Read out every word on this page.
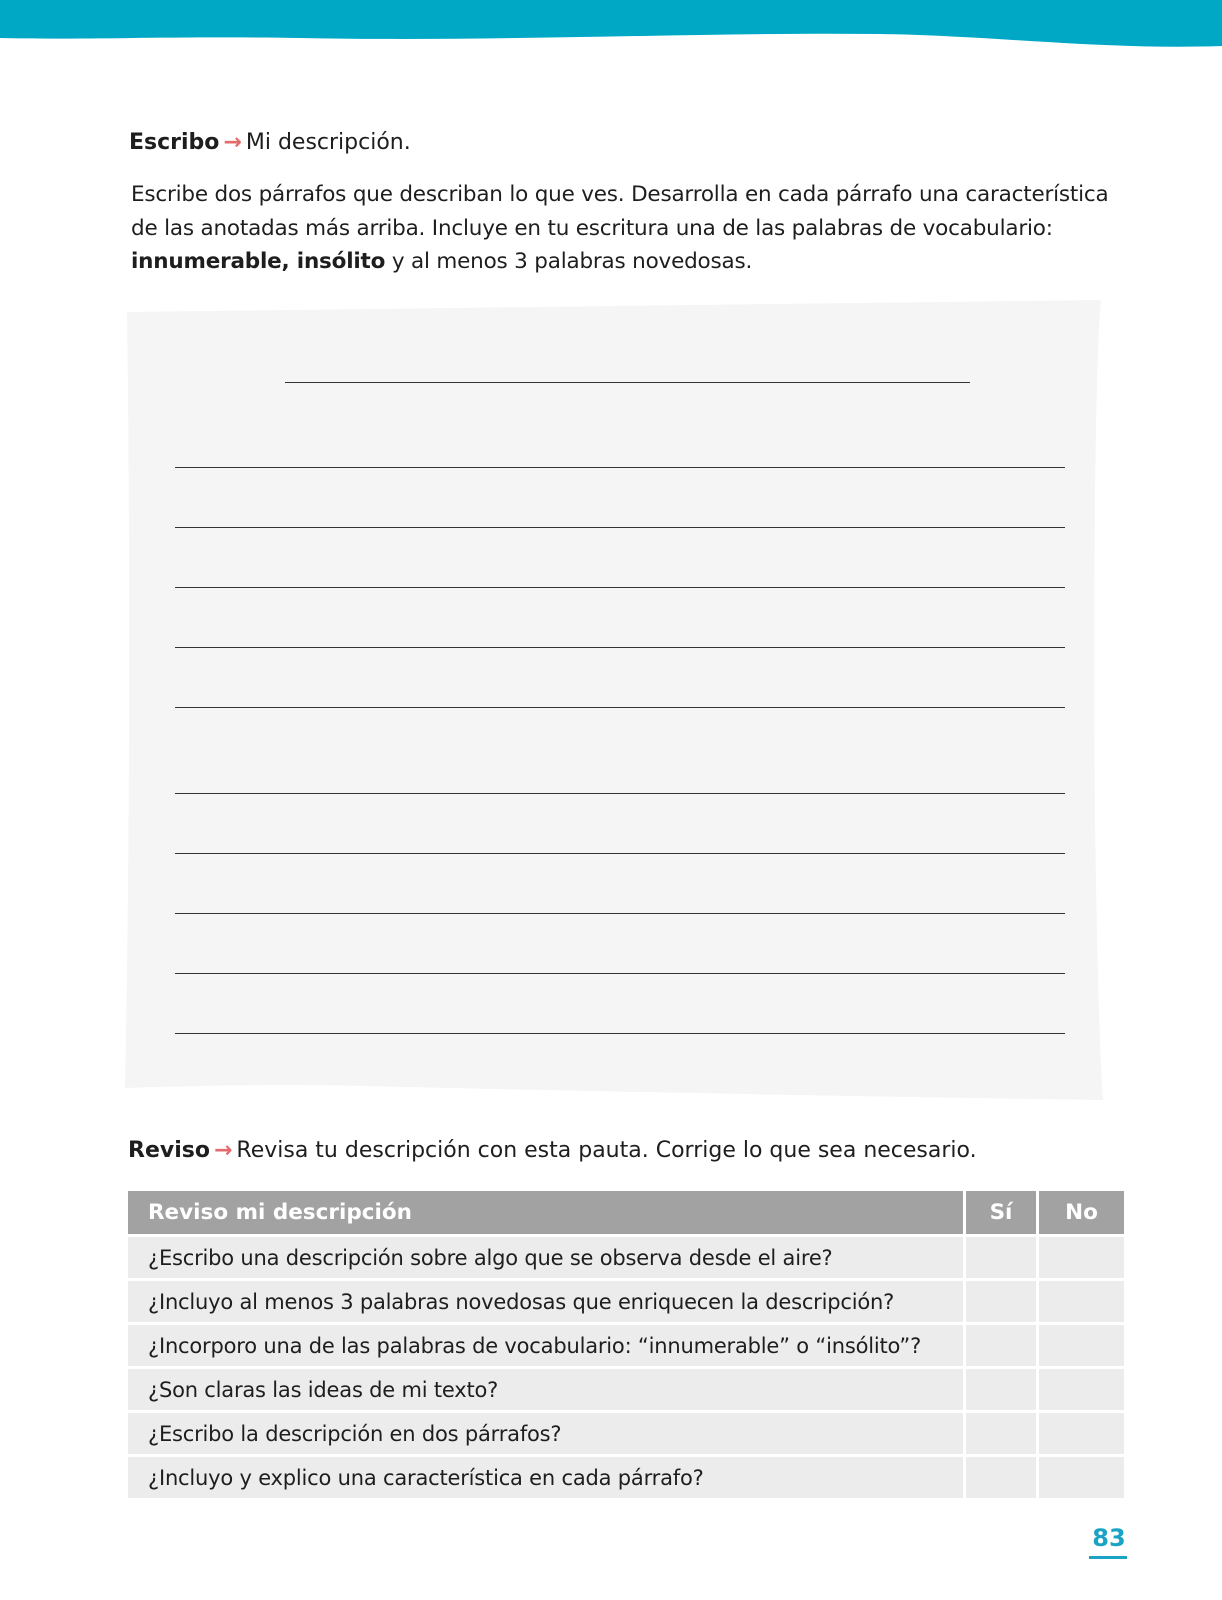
Escribo → Mi descripción.
Escribe dos párrafos que describan lo que ves. Desarrolla en cada párrafo una característica de las anotadas más arriba. Incluye en tu escritura una de las palabras de vocabulario: innumerable, insólito y al menos 3 palabras novedosas.
Reviso → Revisa tu descripción con esta pauta. Corrige lo que sea necesario.
Reviso mi descripción	Sí	No
¿Escribo una descripción sobre algo que se observa desde el aire?		
¿Incluyo al menos 3 palabras novedosas que enriquecen la descripción?		
¿Incorporo una de las palabras de vocabulario: “innumerable” o “insólito”?		
¿Son claras las ideas de mi texto?		
¿Escribo la descripción en dos párrafos?		
¿Incluyo y explico una característica en cada párrafo?		
83
